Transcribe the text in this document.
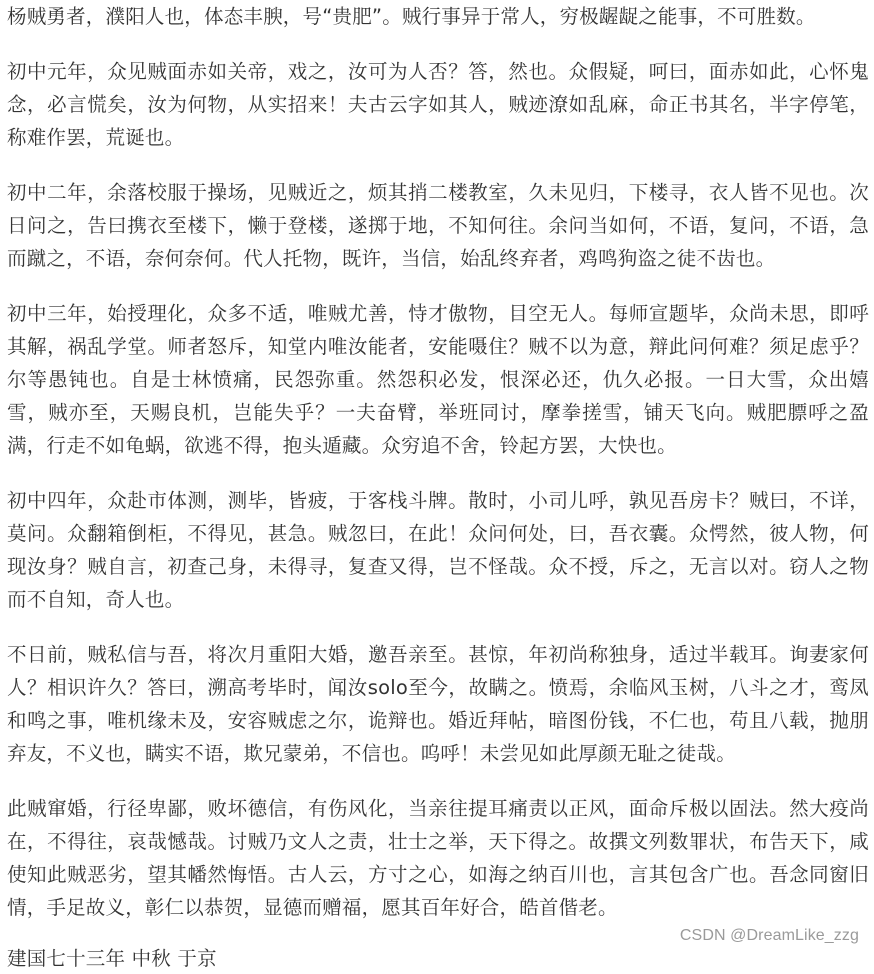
杨贼勇者，濮阳人也，体态丰腴，号“贵肥”。贼行事异于常人，穷极龌龊之能事，不可胜数。

初中元年，众见贼面赤如关帝，戏之，汝可为人否？答，然也。众假疑，呵曰，面赤如此，心怀鬼念，必言慌矣，汝为何物，从实招来！夫古云字如其人，贼迹潦如乱麻，命正书其名，半字停笔，称难作罢，荒诞也。

初中二年，余落校服于操场，见贼近之，烦其捎二楼教室，久未见归，下楼寻，衣人皆不见也。次日问之，告曰携衣至楼下，懒于登楼，遂掷于地，不知何往。余问当如何，不语，复问，不语，急而蹴之，不语，奈何奈何。代人托物，既许，当信，始乱终弃者，鸡鸣狗盗之徒不齿也。

初中三年，始授理化，众多不适，唯贼尤善，恃才傲物，目空无人。每师宣题毕，众尚未思，即呼其解，祸乱学堂。师者怒斥，知堂内唯汝能者，安能嗫住？贼不以为意，辩此问何难？须足虑乎？尔等愚钝也。自是士林愤痛，民怨弥重。然怨积必发，恨深必还，仇久必报。一日大雪，众出嬉雪，贼亦至，天赐良机，岂能失乎？一夫奋臂，举班同讨，摩拳搓雪，铺天飞向。贼肥膘呼之盈满，行走不如龟蜗，欲逃不得，抱头遁藏。众穷追不舍，铃起方罢，大快也。

初中四年，众赴市体测，测毕，皆疲，于客栈斗牌。散时，小司儿呼，孰见吾房卡？贼曰，不详，莫问。众翻箱倒柜，不得见，甚急。贼忽曰，在此！众问何处，曰，吾衣囊。众愕然，彼人物，何现汝身？贼自言，初查己身，未得寻，复查又得，岂不怪哉。众不授，斥之，无言以对。窃人之物而不自知，奇人也。

不日前，贼私信与吾，将次月重阳大婚，邀吾亲至。甚惊，年初尚称独身，适过半载耳。询妻家何人？相识许久？答曰，溯高考毕时，闻汝solo至今，故瞒之。愤焉，余临风玉树，八斗之才，鸾凤和鸣之事，唯机缘未及，安容贼虑之尔，诡辩也。婚近拜帖，暗图份钱，不仁也，苟且八载，抛朋弃友，不义也，瞒实不语，欺兄蒙弟，不信也。呜呼！未尝见如此厚颜无耻之徒哉。

此贼窜婚，行径卑鄙，败坏德信，有伤风化，当亲往提耳痛责以正风，面命斥极以固法。然大疫尚在，不得往，哀哉憾哉。讨贼乃文人之责，壮士之举，天下得之。故撰文列数罪状，布告天下，咸使知此贼恶劣，望其幡然悔悟。古人云，方寸之心，如海之纳百川也，言其包含广也。吾念同窗旧情，手足故义，彰仁以恭贺，显德而赠福，愿其百年好合，皓首偕老。

建国七十三年 中秋 于京

CSDN @DreamLike_zzg
